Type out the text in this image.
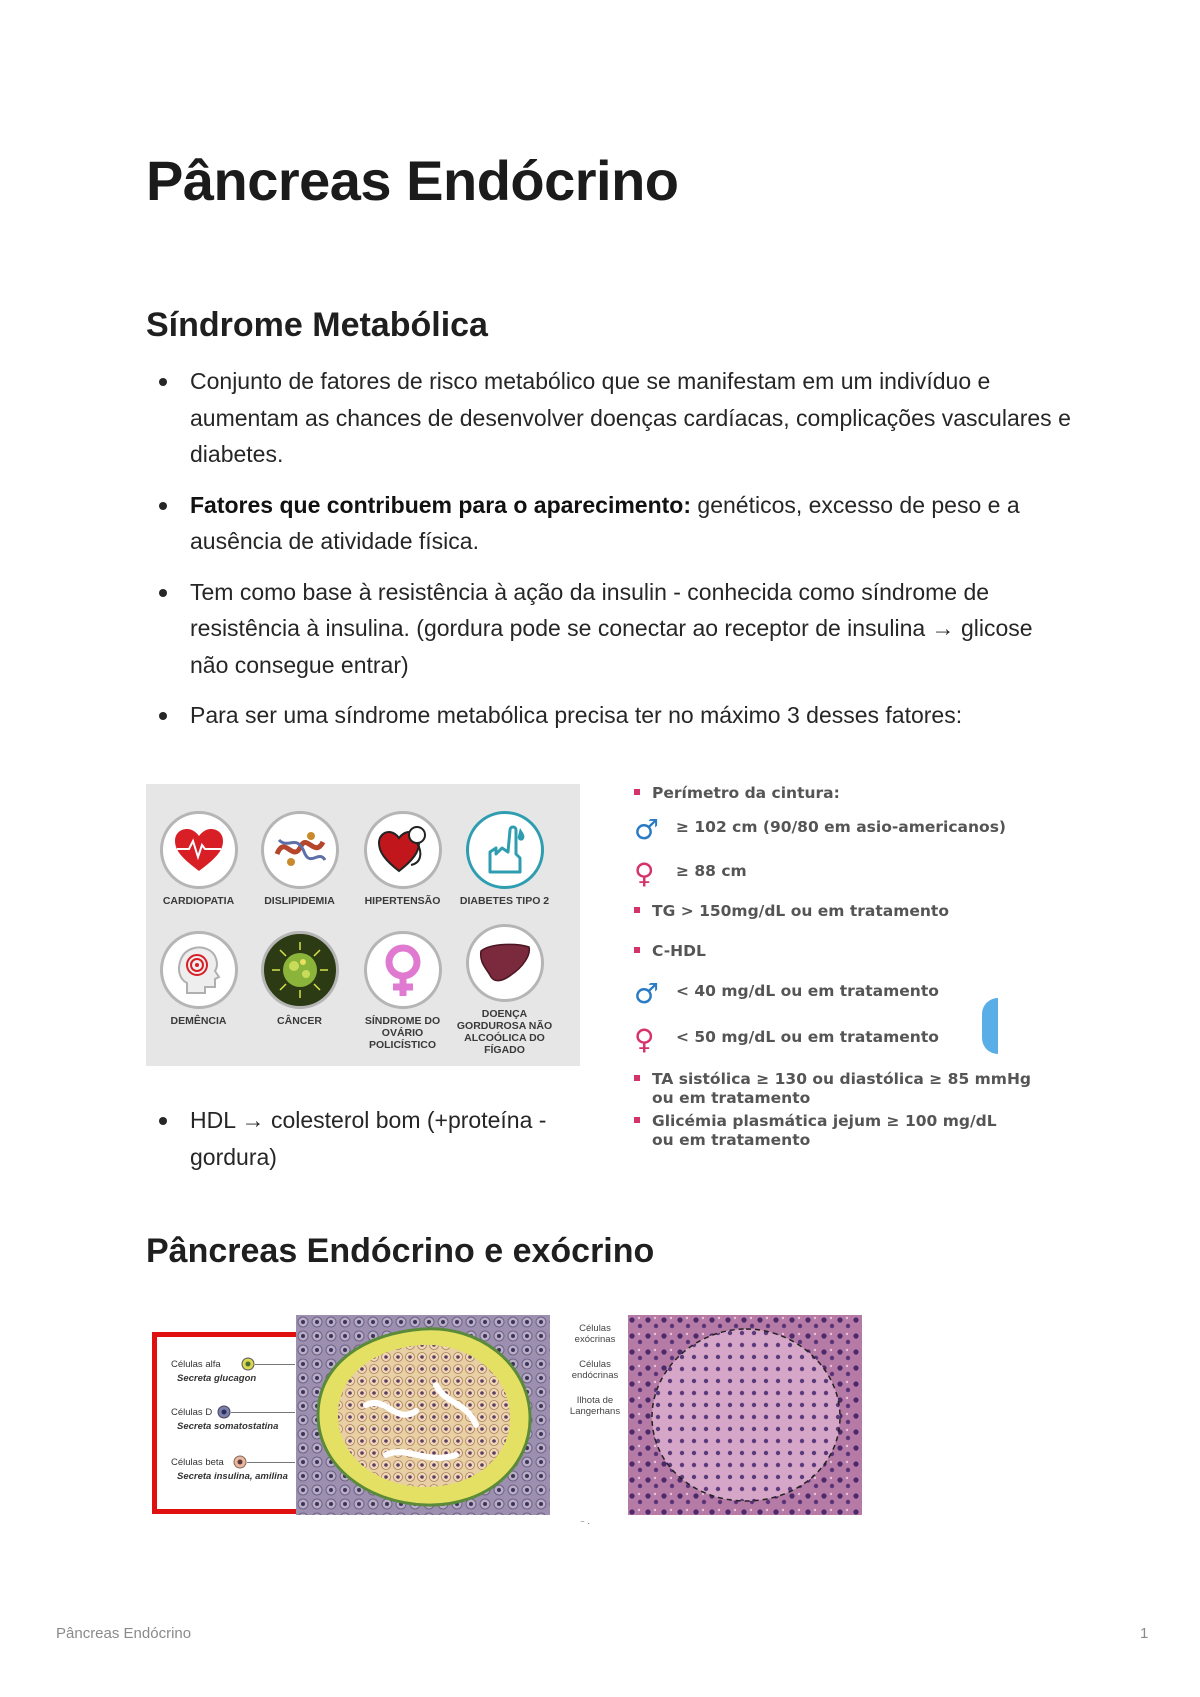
Pâncreas Endócrino
Síndrome Metabólica
Conjunto de fatores de risco metabólico que se manifestam em um indivíduo e aumentam as chances de desenvolver doenças cardíacas, complicações vasculares e diabetes.
Fatores que contribuem para o aparecimento: genéticos, excesso de peso e a ausência de atividade física.
Tem como base à resistência à ação da insulin - conhecida como síndrome de resistência à insulina. (gordura pode se conectar ao receptor de insulina → glicose não consegue entrar)
Para ser uma síndrome metabólica precisa ter no máximo 3 desses fatores:
CARDIOPATIA	DISLIPIDEMIA	HIPERTENSÃO	DIABETES TIPO 2
DEMÊNCIA	CÂNCER	SÍNDROME DO OVÁRIO POLICÍSTICO
DOENÇA GORDUROSA NÃO ALCOÓLICA DO FÍGADO
Perímetro da cintura:
♂ ≥ 102 cm (90/80 em asio-americanos)
♀ ≥ 88 cm
TG > 150mg/dL ou em tratamento
C-HDL
♂ < 40 mg/dL ou em tratamento
♀ < 50 mg/dL ou em tratamento
TA sistólica ≥ 130 ou diastólica ≥ 85 mmHg
ou em tratamento
Glicémia plasmática jejum ≥ 100 mg/dL
ou em tratamento
HDL → colesterol bom (+proteína -gordura)
Pâncreas Endócrino e exócrino
Células alfa
Secreta glucagon
Células D
Secreta somatostatina
Células beta
Secreta insulina, amilina
Células exócrinas
Células endócrinas
Ilhota de Langerhans
⁻ ·
Pâncreas Endócrino	1
